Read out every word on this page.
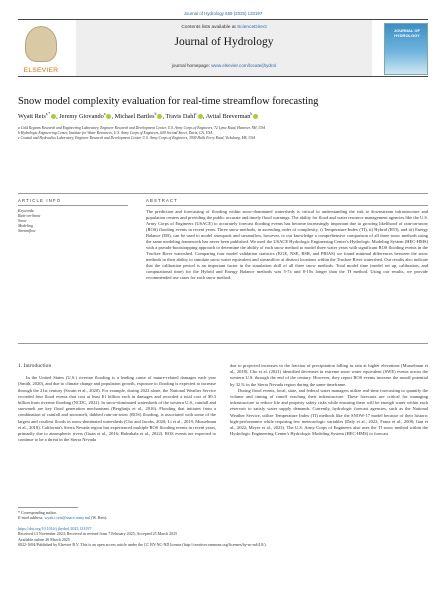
Journal of Hydrology 659 (2025) 133197
ELSEVIER
Contents lists available at ScienceDirect
Journal of Hydrology
journal homepage: www.elsevier.com/locate/jhydrol
JOURNAL OF HYDROLOGY
Snow model complexity evaluation for real-time streamflow forecasting
Wyatt Reis$^{a,*}$ , Jeremy Giovando$^a$ , Michael Bartles$^b$ , Travis Dahl$^c$ , Avital Breverman$^b$
a Cold Regions Research and Engineering Laboratory, Engineer Research and Development Center, U.S. Army Corps of Engineers, 72 Lyme Road, Hanover, NH, USA
b Hydrologic Engineering Center, Institute for Water Resources, U.S. Army Corps of Engineers, 609 Second Street, Davis, CA, USA
c Coastal and Hydraulics Laboratory, Engineer Research and Development Center, U.S. Army Corps of Engineers, 3909 Halls Ferry Road, Vicksburg, MS, USA
ARTICLE INFO	ABSTRACT
Keywords:
Rain-on-Snow
Snow
Modeling
Streamflow
The prediction and forecasting of flooding within snow-dominated watersheds is critical to understanding the risk to downstream infrastructure and population centers and providing the public accurate and timely flood warnings. The ability for flood and water resource management agencies like the U.S. Army Corps of Engineers (USACE) to accurately forecast flooding events has become increasingly important due to growing likelihood of rain-on-snow (ROS) flooding events in recent years. Three snow methods, in ascending order of complexity, i) Temperature Index (TI), ii) Hybrid (RTI), and iii) Energy Balance (EB), can be used to model snowpack and streamflow, however, to our knowledge a comprehensive comparison of all three snow methods using the same modeling framework has never been published. We used the USACE Hydrologic Engineering Center's Hydrologic Modeling System (HEC-HMS) with a pseudo-bootstrapping approach to determine the ability of each snow method to model three water years with significant ROS flooding events in the Truckee River watershed. Comparing four model validation statistics (KGE, NSE, RSR, and PBIAS) we found minimal differences between the snow methods in their ability to simulate snow water equivalent and streamflow at distinct locations within the Truckee River watershed. Our results also indicate that the calibration period is an important factor in the simulation skill of all three snow methods. Total model time (model set up, calibration, and computational time) for the Hybrid and Energy Balance methods was 5-7x and 8-10x longer than the TI method. Using our results, we provide recommended use cases for each snow method.
1. Introduction

In the United States (U.S.) riverine flooding is a leading cause of nature-related damages each year (Smith, 2020), and due to climate change and population growth, exposure to flooding is expected to increase through the 21st century (Swain et al., 2020). For example, during 2022 alone, the National Weather Service recorded four flood events that cost at least $1 billion each in damages and recorded a total cost of $9.3 billion from riverine flooding (NCDC, 2022). In snow-dominated watersheds of the western U.S., rainfall and snowmelt are key flood generation mechanisms (Berghuijs et al., 2016). Flooding that initiates from a combination of rainfall and snowmelt, dubbed rain-on-snow (ROS) flooding, is associated with some of the largest and costliest floods in snow-dominated watersheds (Cho and Jacobs, 2020; Li et al., 2019; Musselman et al., 2018). California's Sierra Nevada region has experienced multiple ROS flooding events in recent years, primarily due to atmospheric rivers (Guan et al., 2016; Haleakala et al., 2022). ROS events are expected to continue to be a threat in the Sierra Nevada

due to projected increases in the fraction of precipitation falling as rain at higher elevations (Musselman et al., 2018). Cho et al. (2021) identified decreases in extreme snow water equivalent (SWE) events across the western U.S. through the end of the century. However, they report ROS events increase the runoff potential by 32 % in the Sierra Nevada region during the same timeframe.

During flood events, local, state, and federal water managers utilize real-time forecasting to quantify the volume and timing of runoff reaching their infrastructure. These forecasts are critical for managing infrastructure to reduce life and property safety risks while ensuring there will be enough water within each reservoir to satisfy water supply demands. Currently, hydrologic forecast agencies, such as the National Weather Service, utilize Temperature Index (TI) methods like the SNOW-17 model because of their historic high-performance while requiring few meteorologic variables (Daly et al., 2022; Franz et al., 2008; Gan et al., 2022; Meyer et al., 2023). The U.S. Army Corps of Engineers also uses the TI snow method within the Hydrologic Engineering Center's Hydrologic Modeling System (HEC-HMS) to forecast

* Corresponding author.
E-mail address: wyatt.t.reis@usace.army.mil (W. Reis).
https://doi.org/10.1016/j.jhydrol.2025.133197
Received 13 November 2024; Received in revised form 7 February 2025; Accepted 25 March 2025
Available online 26 March 2025
0022-1694/Published by Elsevier B.V. This is an open access article under the CC BY-NC-ND license (http://creativecommons.org/licenses/by-nc-nd/4.0/).
